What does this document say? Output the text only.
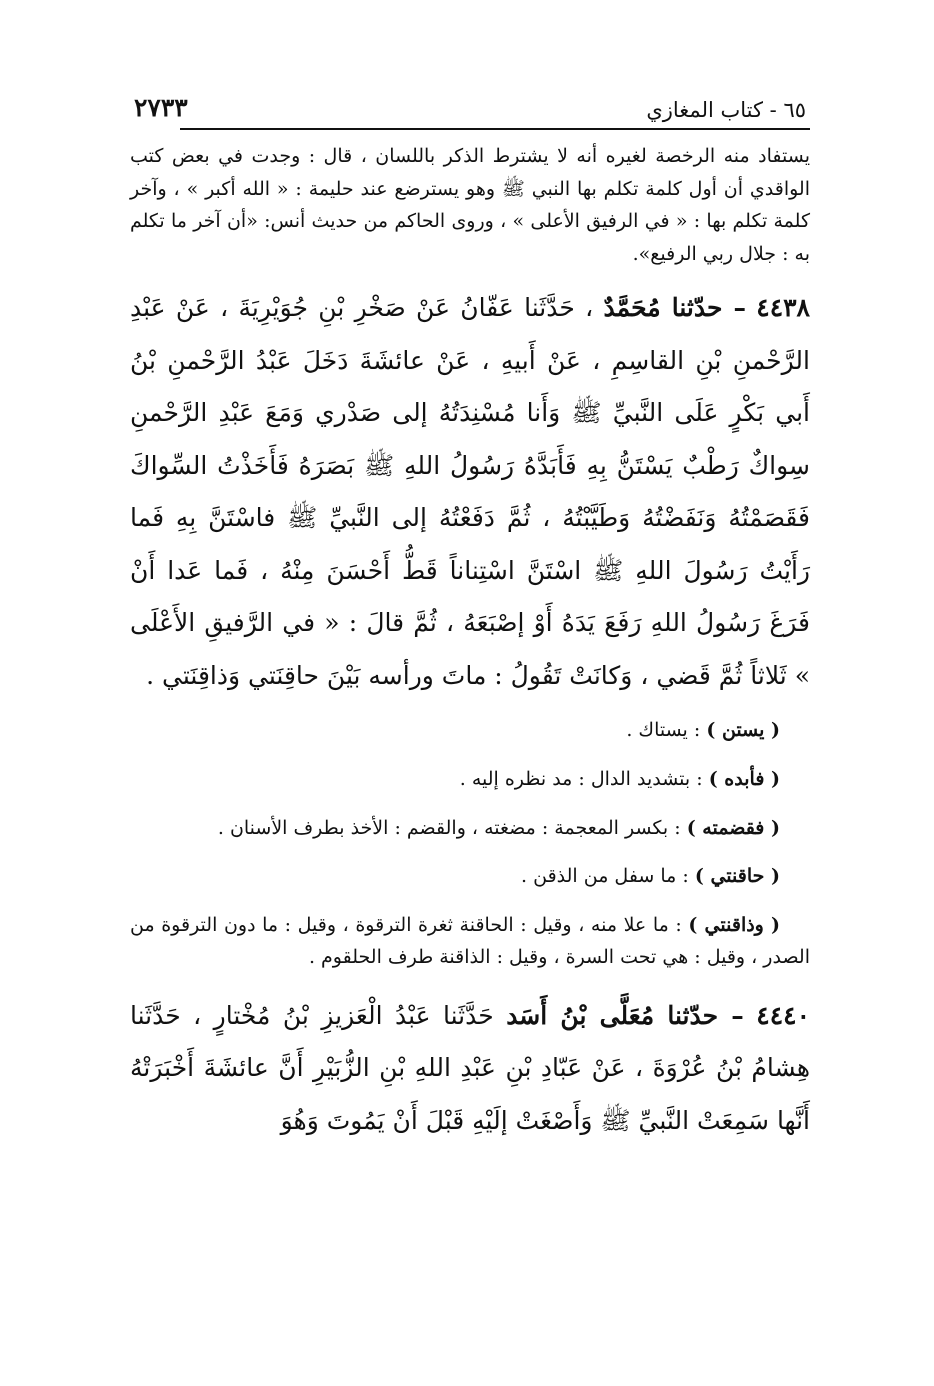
٦٥ - كتاب المغازي
٢٧٣٣

يستفاد منه الرخصة لغيره أنه لا يشترط الذكر باللسان ، قال : وجدت في بعض كتب الواقدي أن أول كلمة تكلم بها النبي ﷺ وهو يسترضع عند حليمة : « الله أكبر » ، وآخر كلمة تكلم بها : « في الرفيق الأعلى » ، وروى الحاكم من حديث أنس: «أن آخر ما تكلم به : جلال ربي الرفيع».

٤٤٣٨ – حدّثنا مُحَمَّدٌ ، حَدَّثَنا عَفّانُ عَنْ صَخْرِ بْنِ جُوَيْرِيَةَ ، عَنْ عَبْدِ الرَّحْمنِ بْنِ القاسِمِ ، عَنْ أَبيهِ ، عَنْ عائشَةَ دَخَلَ عَبْدُ الرَّحْمنِ بْنُ أَبي بَكْرٍ عَلَى النَّبيِّ ﷺ وَأَنا مُسْنِدَتُهُ إلى صَدْري وَمَعَ عَبْدِ الرَّحْمنِ سِواكٌ رَطْبٌ يَسْتَنُّ بِهِ فَأَبَدَّهُ رَسُولُ اللهِ ﷺ بَصَرَهُ فَأَخَذْتُ السِّواكَ فَقَصَمْتُهُ وَنَفَضْتُهُ وَطَيَّبْتُهُ ، ثُمَّ دَفَعْتُهُ إلى النَّبيِّ ﷺ فاسْتَنَّ بِهِ فَما رَأَيْتُ رَسُولَ اللهِ ﷺ اسْتَنَّ اسْتِناناً قَطُّ أَحْسَنَ مِنْهُ ، فَما عَدا أَنْ فَرَغَ رَسُولُ اللهِ رَفَعَ يَدَهُ أَوْ إصْبَعَهُ ، ثُمَّ قالَ : « في الرَّفيقِ الأَعْلَى » ثَلاثاً ثُمَّ قَضي ، وَكانَتْ تَقُولُ : ماتَ ورأسه بَيْنَ حاقِنَتي وَذاقِنَتي .

( يستن ) : يستاك .

( فأبده ) : بتشديد الدال : مد نظره إليه .

( فقضمته ) : بكسر المعجمة : مضغته ، والقضم : الأخذ بطرف الأسنان .

( حاقنتي ) : ما سفل من الذقن .

( وذاقنتي ) : ما علا منه ، وقيل : الحاقنة ثغرة الترقوة ، وقيل : ما دون الترقوة من الصدر ، وقيل : هي تحت السرة ، وقيل : الذاقنة طرف الحلقوم .

٤٤٤٠ – حدّثنا مُعَلَّى بْنُ أَسَد حَدَّثَنا عَبْدُ الْعَزيزِ بْنُ مُخْتارٍ ، حَدَّثَنا هِشامُ بْنُ عُرْوَةَ ، عَنْ عَبّادِ بْنِ عَبْدِ اللهِ بْنِ الزُّبَيْرِ أَنَّ عائشَةَ أَخْبَرَتْهُ أَنَّها سَمِعَتْ النَّبيِّ ﷺ وَأَصْغَتْ إلَيْهِ قَبْلَ أَنْ يَمُوتَ وَهُوَ
